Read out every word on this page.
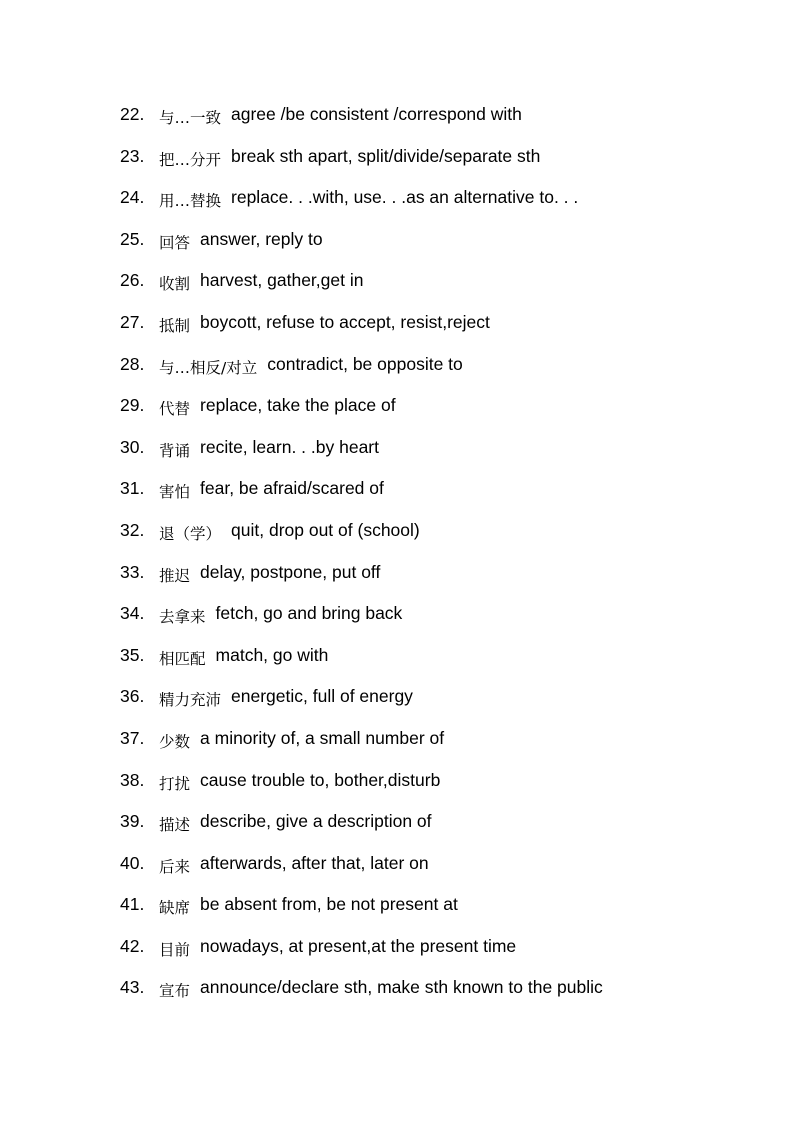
22. 与…一致 agree /be consistent /correspond with
23. 把…分开 break sth apart, split/divide/separate sth
24. 用…替换 replace. . .with, use. . .as an alternative to. . .
25. 回答 answer, reply to
26. 收割 harvest, gather,get in
27. 抵制 boycott, refuse to accept, resist,reject
28. 与…相反/对立 contradict, be opposite to
29. 代替 replace, take the place of
30. 背诵 recite, learn. . .by heart
31. 害怕 fear, be afraid/scared of
32. 退（学） quit, drop out of (school)
33. 推迟 delay, postpone, put off
34. 去拿来 fetch, go and bring back
35. 相匹配 match, go with
36. 精力充沛 energetic, full of energy
37. 少数 a minority of, a small number of
38. 打扰 cause trouble to, bother,disturb
39. 描述 describe, give a description of
40. 后来 afterwards, after that, later on
41. 缺席 be absent from, be not present at
42. 目前 nowadays, at present,at the present time
43. 宣布 announce/declare sth, make sth known to the public
